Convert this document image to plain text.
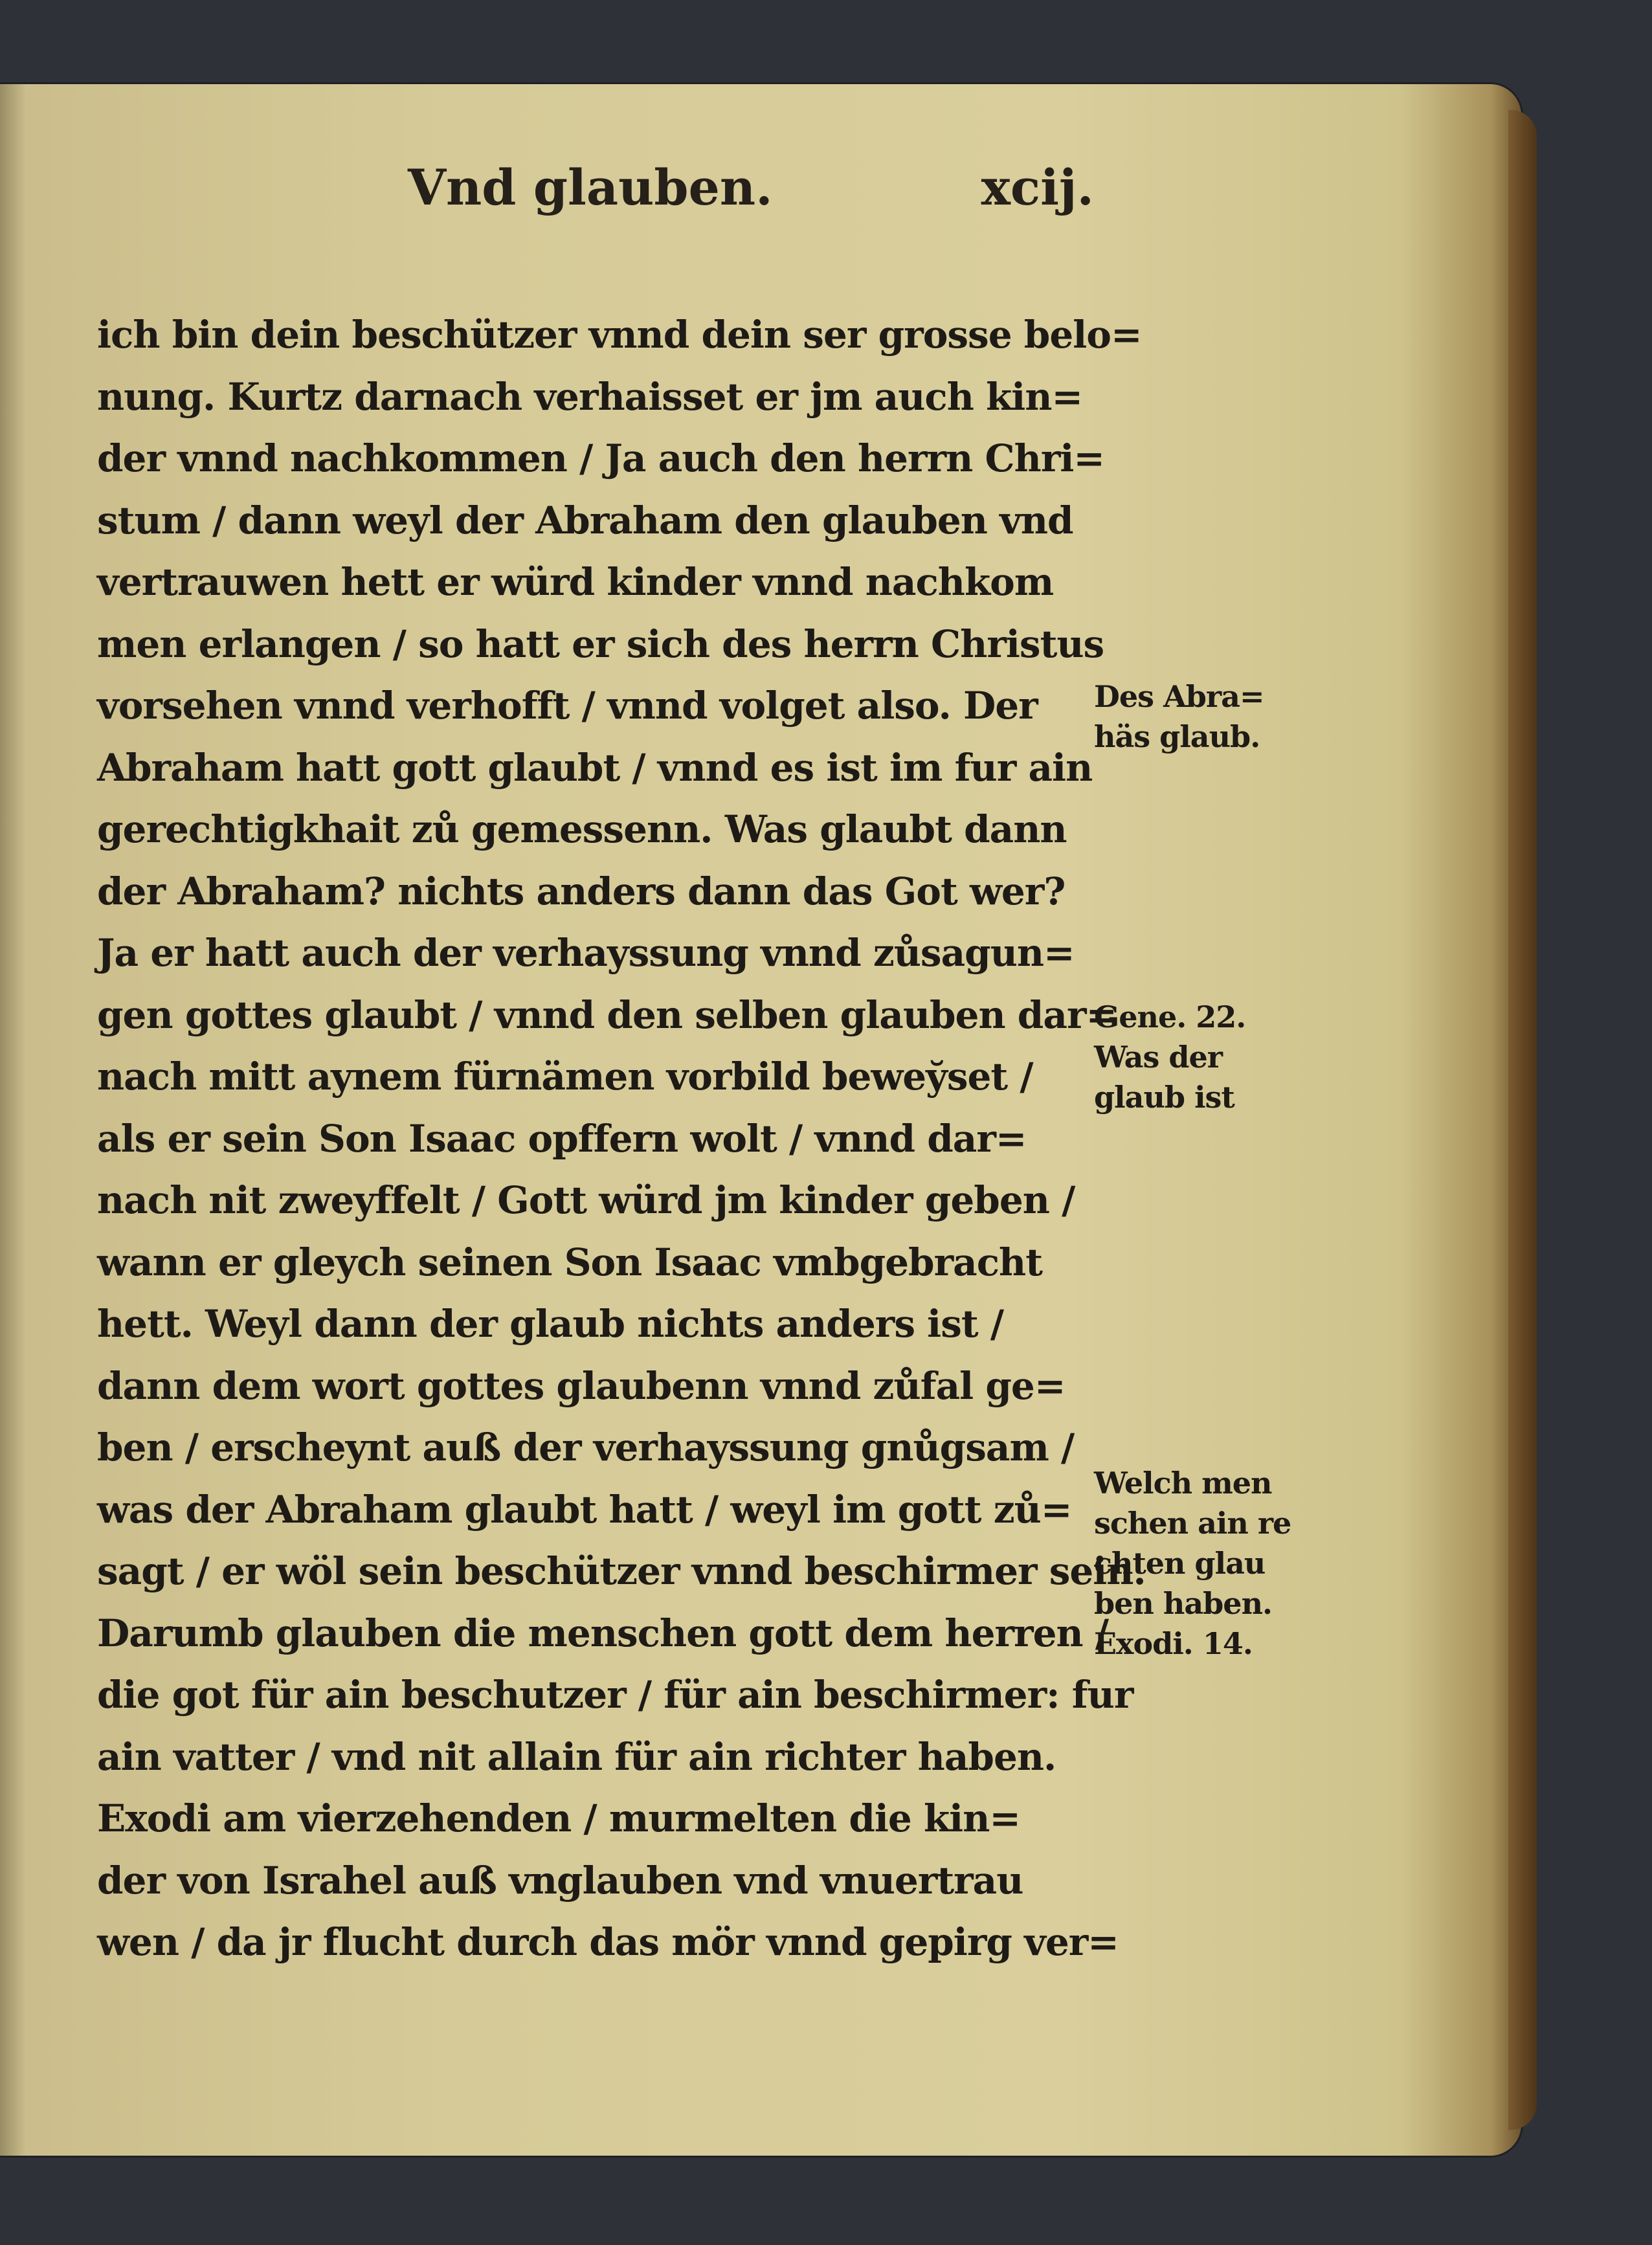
Vnd glauben.	xcij.
ich bin dein beschützer vnnd dein ser grosse belo=
nung. Kurtz darnach verhaisset er jm auch kin=
der vnnd nachkommen / Ja auch den herrn Chri=
stum / dann weyl der Abraham den glauben vnd
vertrauwen hett er würd kinder vnnd nachkom
men erlangen / so hatt er sich des herrn Christus
vorsehen vnnd verhofft / vnnd volget also. Der
Abraham hatt gott glaubt / vnnd es ist im fur ain
gerechtigkhait zů gemessenn. Was glaubt dann
der Abraham? nichts anders dann das Got wer?
Ja er hatt auch der verhayssung vnnd zůsagun=
gen gottes glaubt / vnnd den selben glauben dar=
nach mitt aynem fürnämen vorbild bewey̆set /
als er sein Son Isaac opffern wolt / vnnd dar=
nach nit zweyffelt / Gott würd jm kinder geben /
wann er gleych seinen Son Isaac vmbgebracht
hett. Weyl dann der glaub nichts anders ist /
dann dem wort gottes glaubenn vnnd zůfal ge=
ben / erscheynt auß der verhayssung gnůgsam /
was der Abraham glaubt hatt / weyl im gott zů=
sagt / er wöl sein beschützer vnnd beschirmer sein.
Darumb glauben die menschen gott dem herren /
die got für ain beschutzer / für ain beschirmer: fur
ain vatter / vnd nit allain für ain richter haben.
Exodi am vierzehenden / murmelten die kin=
der von Israhel auß vnglauben vnd vnuertrau
wen / da jr flucht durch das mör vnnd gepirg ver=
Des Abra=
häs glaub.
Gene. 22.
Was der
glaub ist
Welch men
schen ain re
chten glau
ben haben.
Exodi. 14.
